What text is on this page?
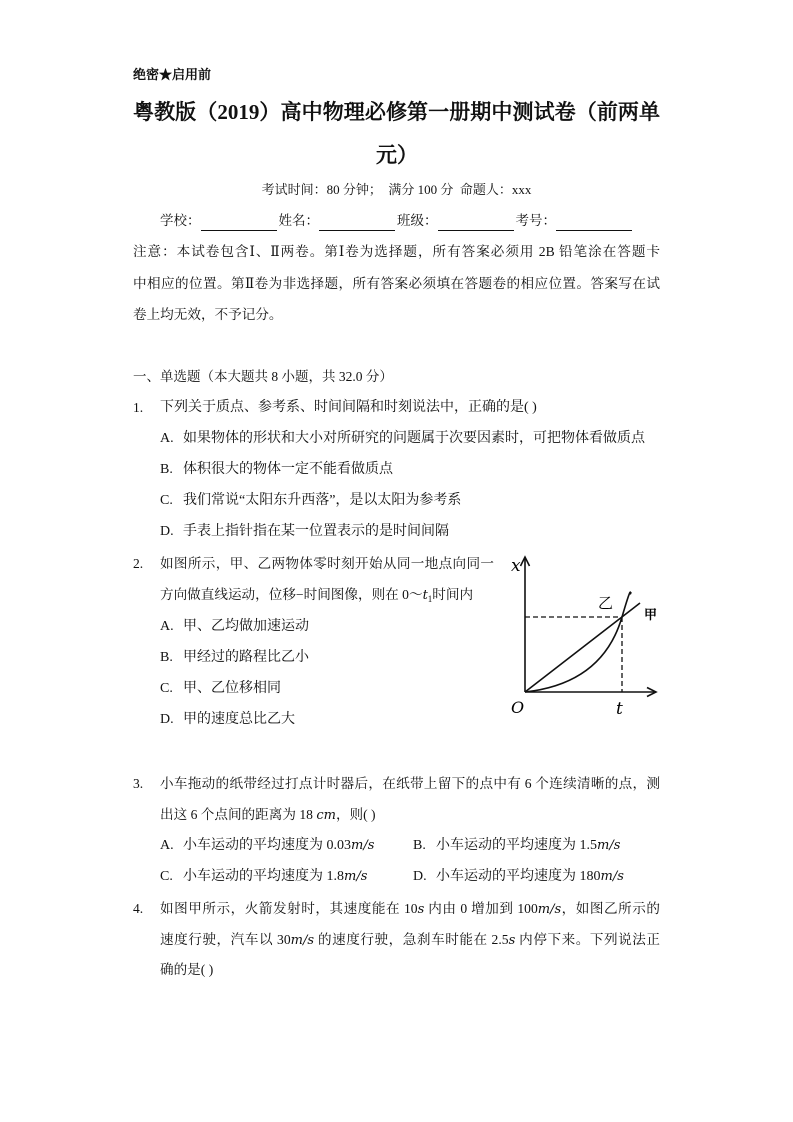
绝密★启用前
粤教版（2019）高中物理必修第一册期中测试卷（前两单
元）
考试时间：80 分钟；  满分 100 分  命题人：xxx
学校：	姓名：	班级：	考号：
注意：本试卷包含Ⅰ、Ⅱ两卷。第Ⅰ卷为选择题，所有答案必须用 2B 铅笔涂在答题卡
中相应的位置。第Ⅱ卷为非选择题，所有答案必须填在答题卷的相应位置。答案写在试
卷上均无效，不予记分。
一、单选题（本大题共 8 小题，共 32.0 分）
1. 下列关于质点、参考系、时间间隔和时刻说法中，正确的是( )
A. 如果物体的形状和大小对所研究的问题属于次要因素时，可把物体看做质点
B. 体积很大的物体一定不能看做质点
C. 我们常说“太阳东升西落”，是以太阳为参考系
D. 手表上指针指在某一位置表示的是时间间隔
2. 如图所示，甲、乙两物体零时刻开始从同一地点向同一
方向做直线运动，位移−时间图像，则在 $0\sim t_1$时间内
A. 甲、乙均做加速运动
B. 甲经过的路程比乙小
C. 甲、乙位移相同
D. 甲的速度总比乙大
x
O	t
甲
乙
3. 小车拖动的纸带经过打点计时器后，在纸带上留下的点中有 6 个连续清晰的点，测
出这 6 个点间的距离为 18 cm，则( )
A. 小车运动的平均速度为 0.03m/s	B. 小车运动的平均速度为 1.5m/s
C. 小车运动的平均速度为 1.8m/s	D. 小车运动的平均速度为 180m/s
4. 如图甲所示，火箭发射时，其速度能在 10s 内由 0 增加到 100m/s，如图乙所示的
速度行驶，汽车以 30m/s 的速度行驶，急刹车时能在 2.5s 内停下来。下列说法正
确的是( )
